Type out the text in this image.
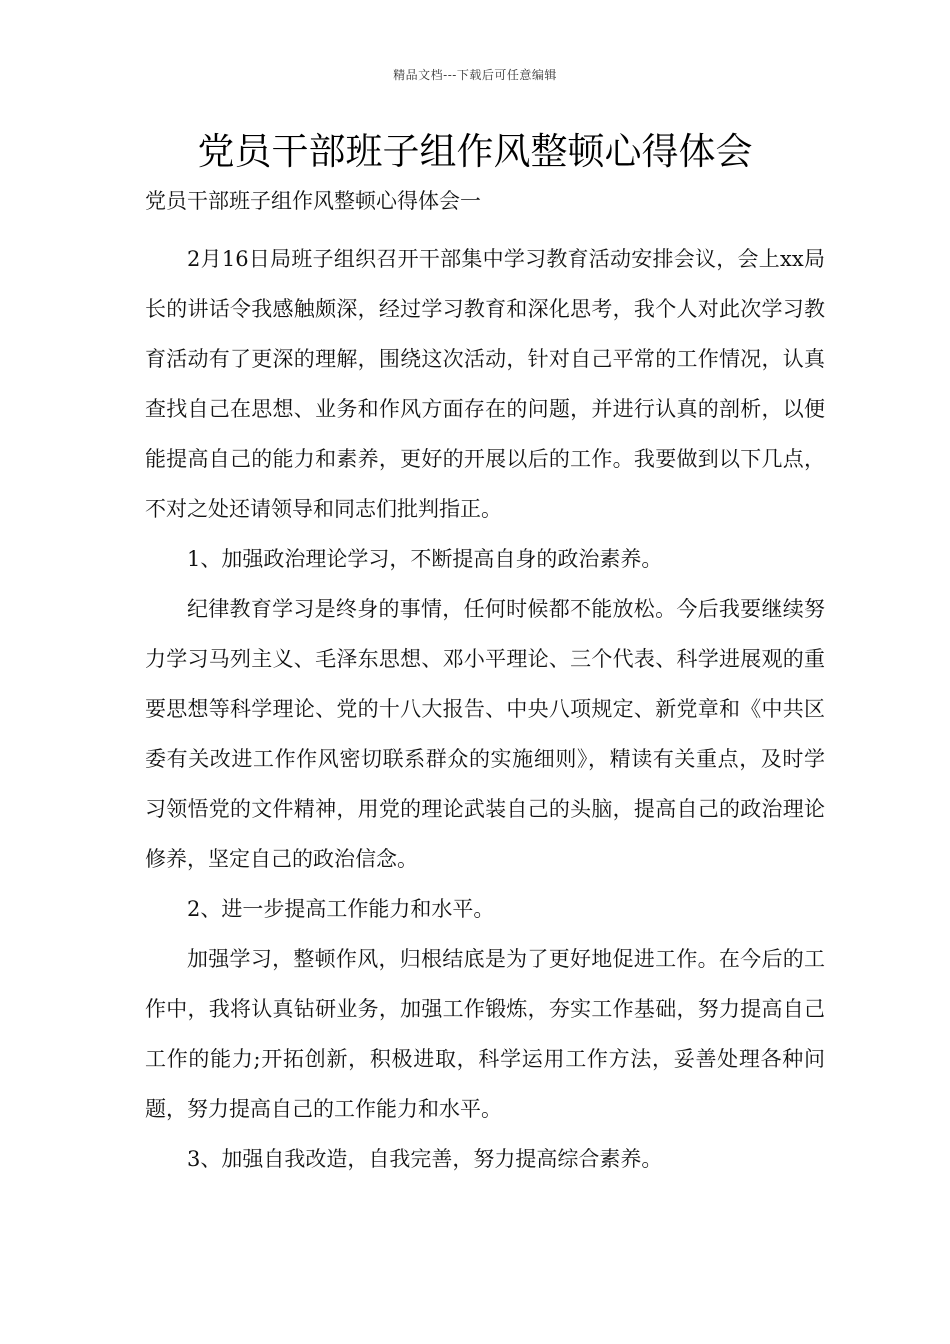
精品文档---下载后可任意编辑
党员干部班子组作风整顿心得体会
党员干部班子组作风整顿心得体会一

2月16日局班子组织召开干部集中学习教育活动安排会议，会上xx局长的讲话令我感触颇深，经过学习教育和深化思考，我个人对此次学习教育活动有了更深的理解，围绕这次活动，针对自己平常的工作情况，认真查找自己在思想、业务和作风方面存在的问题，并进行认真的剖析，以便能提高自己的能力和素养，更好的开展以后的工作。我要做到以下几点，不对之处还请领导和同志们批判指正。

1、加强政治理论学习，不断提高自身的政治素养。

纪律教育学习是终身的事情，任何时候都不能放松。今后我要继续努力学习马列主义、毛泽东思想、邓小平理论、三个代表、科学进展观的重要思想等科学理论、党的十八大报告、中央八项规定、新党章和《中共区委有关改进工作作风密切联系群众的实施细则》，精读有关重点，及时学习领悟党的文件精神，用党的理论武装自己的头脑，提高自己的政治理论修养，坚定自己的政治信念。

2、进一步提高工作能力和水平。

加强学习，整顿作风，归根结底是为了更好地促进工作。在今后的工作中，我将认真钻研业务，加强工作锻炼，夯实工作基础，努力提高自己工作的能力;开拓创新，积极进取，科学运用工作方法，妥善处理各种问题，努力提高自己的工作能力和水平。

3、加强自我改造，自我完善，努力提高综合素养。
